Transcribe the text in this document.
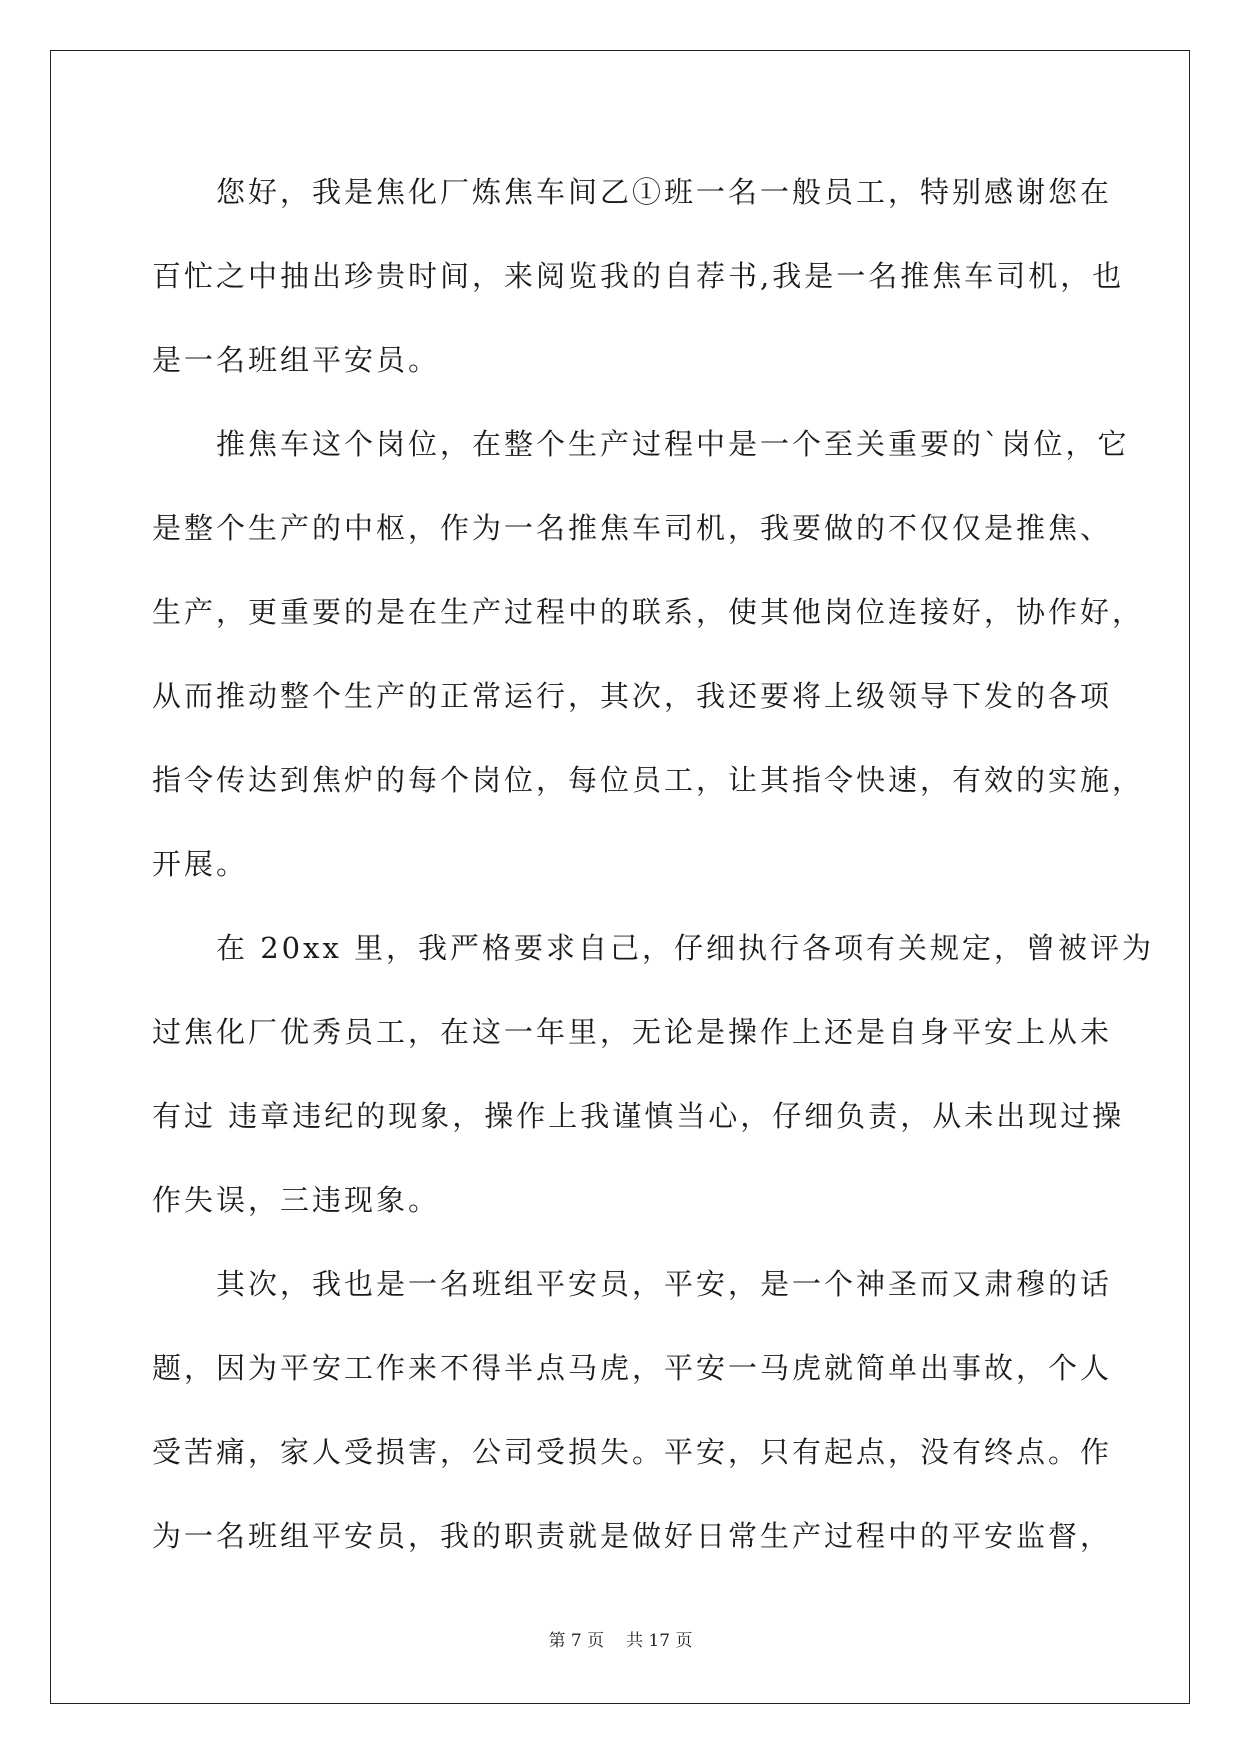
　　您好，我是焦化厂炼焦车间乙①班一名一般员工，特别感谢您在
百忙之中抽出珍贵时间，来阅览我的自荐书,我是一名推焦车司机，也
是一名班组平安员。
　　推焦车这个岗位，在整个生产过程中是一个至关重要的`岗位，它
是整个生产的中枢，作为一名推焦车司机，我要做的不仅仅是推焦、
生产，更重要的是在生产过程中的联系，使其他岗位连接好，协作好，
从而推动整个生产的正常运行，其次，我还要将上级领导下发的各项
指令传达到焦炉的每个岗位，每位员工，让其指令快速，有效的实施，
开展。
　　在 20xx 里，我严格要求自己，仔细执行各项有关规定，曾被评为
过焦化厂优秀员工，在这一年里，无论是操作上还是自身平安上从未
有过 违章违纪的现象，操作上我谨慎当心，仔细负责，从未出现过操
作失误，三违现象。
　　其次，我也是一名班组平安员，平安，是一个神圣而又肃穆的话
题，因为平安工作来不得半点马虎，平安一马虎就简单出事故，个人
受苦痛，家人受损害，公司受损失。平安，只有起点，没有终点。作
为一名班组平安员，我的职责就是做好日常生产过程中的平安监督，
第 7 页 共 17 页
